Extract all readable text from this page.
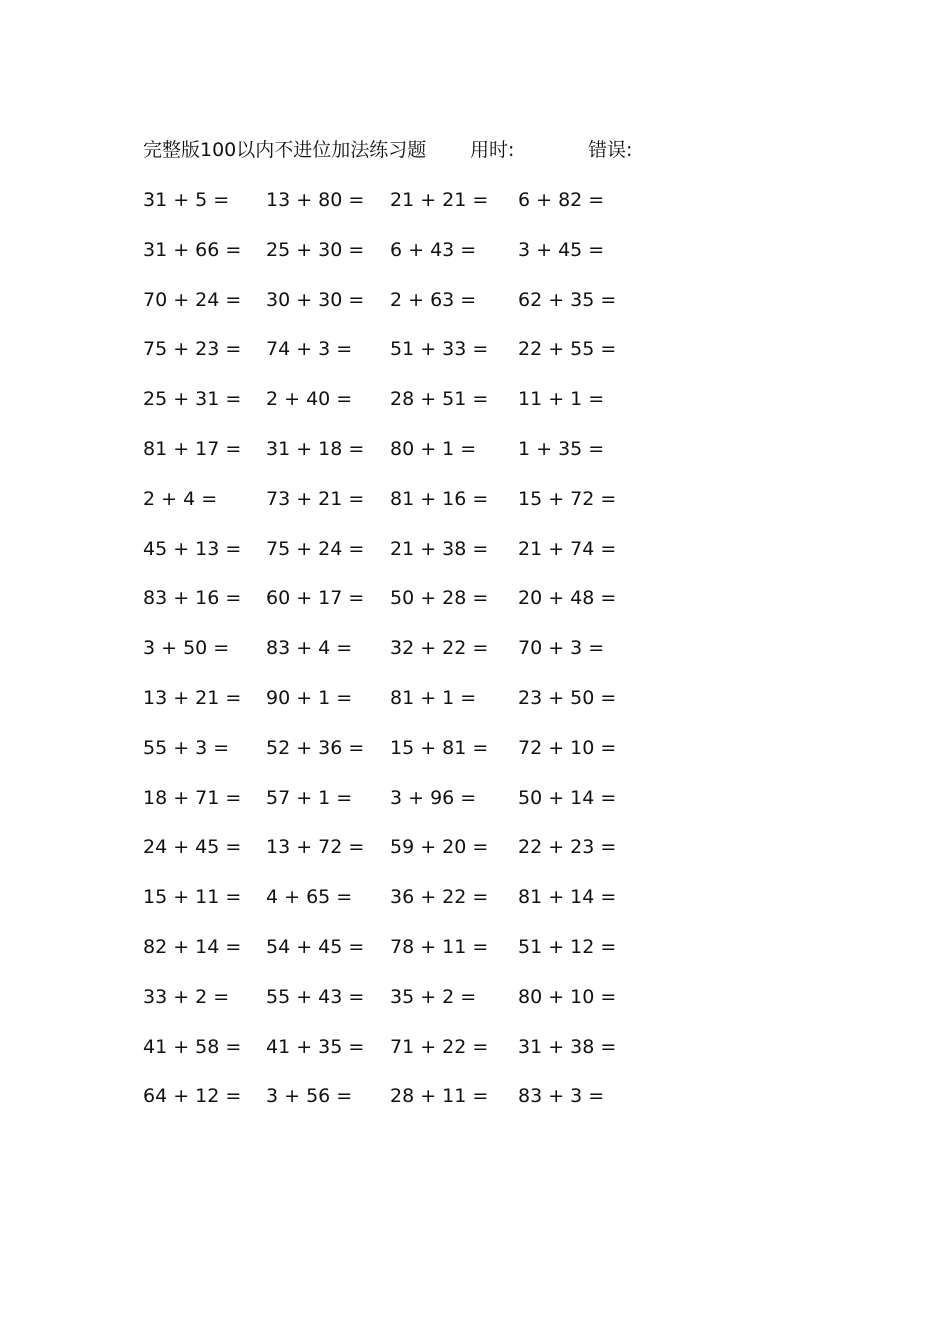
完整版100以内不进位加法练习题 用时:	错误:
31 + 5 = 13 + 80 = 21 + 21 = 6 + 82 =
31 + 66 = 25 + 30 = 6 + 43 = 3 + 45 =
70 + 24 = 30 + 30 = 2 + 63 = 62 + 35 =
75 + 23 = 74 + 3 = 51 + 33 = 22 + 55 =
25 + 31 = 2 + 40 = 28 + 51 = 11 + 1 =
81 + 17 = 31 + 18 = 80 + 1 = 1 + 35 =
2 + 4 =	73 + 21 = 81 + 16 = 15 + 72 =
45 + 13 = 75 + 24 = 21 + 38 = 21 + 74 =
83 + 16 = 60 + 17 = 50 + 28 = 20 + 48 =
3 + 50 = 83 + 4 = 32 + 22 = 70 + 3 =
13 + 21 = 90 + 1 = 81 + 1 = 23 + 50 =
55 + 3 = 52 + 36 = 15 + 81 = 72 + 10 =
18 + 71 = 57 + 1 = 3 + 96 = 50 + 14 =
24 + 45 = 13 + 72 = 59 + 20 = 22 + 23 =
15 + 11 = 4 + 65 = 36 + 22 = 81 + 14 =
82 + 14 = 54 + 45 = 78 + 11 = 51 + 12 =
33 + 2 = 55 + 43 = 35 + 2 = 80 + 10 =
41 + 58 = 41 + 35 = 71 + 22 = 31 + 38 =
64 + 12 = 3 + 56 = 28 + 11 = 83 + 3 =
